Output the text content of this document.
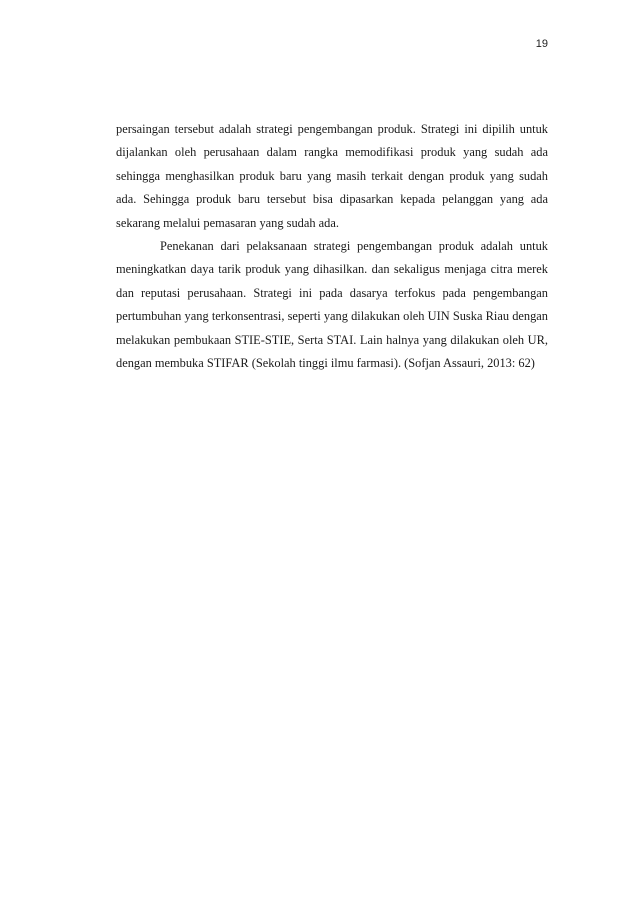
19

persaingan tersebut adalah strategi pengembangan produk. Strategi ini dipilih untuk dijalankan oleh perusahaan dalam rangka memodifikasi produk yang sudah ada sehingga menghasilkan produk baru yang masih terkait dengan produk yang sudah ada. Sehingga produk baru tersebut bisa dipasarkan kepada pelanggan yang ada sekarang melalui pemasaran yang sudah ada.

Penekanan dari pelaksanaan strategi pengembangan produk adalah untuk meningkatkan daya tarik produk yang dihasilkan. dan sekaligus menjaga citra merek dan reputasi perusahaan. Strategi ini pada dasarya terfokus pada pengembangan pertumbuhan yang terkonsentrasi, seperti yang dilakukan oleh UIN Suska Riau dengan melakukan pembukaan STIE-STIE, Serta STAI. Lain halnya yang dilakukan oleh UR, dengan membuka STIFAR (Sekolah tinggi ilmu farmasi). (Sofjan Assauri, 2013: 62)
